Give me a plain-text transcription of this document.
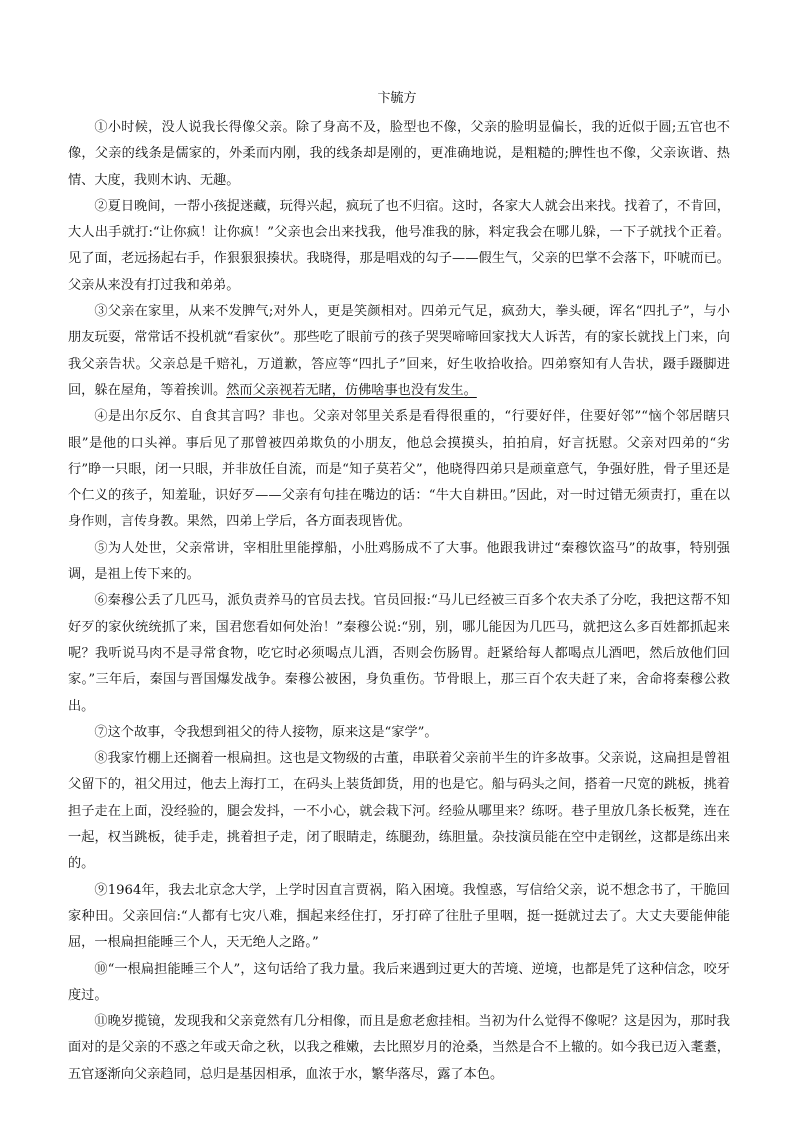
卞毓方

①小时候，没人说我长得像父亲。除了身高不及，脸型也不像，父亲的脸明显偏长，我的近似于圆;五官也不像，父亲的线条是儒家的，外柔而内刚，我的线条却是刚的，更准确地说，是粗糙的;脾性也不像，父亲诙谐、热情、大度，我则木讷、无趣。

②夏日晚间，一帮小孩捉迷藏，玩得兴起，疯玩了也不归宿。这时，各家大人就会出来找。找着了，不肯回，大人出手就打:“让你疯！让你疯！”父亲也会出来找我，他号准我的脉，料定我会在哪儿躲，一下子就找个正着。见了面，老远扬起右手，作狠狠狠揍状。我晓得，那是唱戏的勾子——假生气，父亲的巴掌不会落下，吓唬而已。父亲从来没有打过我和弟弟。

③父亲在家里，从来不发脾气;对外人，更是笑颜相对。四弟元气足，疯劲大，拳头硬，诨名“四扎子”，与小朋友玩耍，常常话不投机就“看家伙”。那些吃了眼前亏的孩子哭哭啼啼回家找大人诉苦，有的家长就找上门来，向我父亲告状。父亲总是千赔礼，万道歉，答应等“四扎子”回来，好生收拾收拾。四弟察知有人告状，蹑手蹑脚进回，躲在屋角，等着挨训。然而父亲视若无睹，仿佛啥事也没有发生。

④是出尔反尔、自食其言吗？非也。父亲对邻里关系是看得很重的，“行要好伴，住要好邻”“恼个邻居瞎只眼”是他的口头禅。事后见了那曾被四弟欺负的小朋友，他总会摸摸头，拍拍肩，好言抚慰。父亲对四弟的“劣行”睁一只眼，闭一只眼，并非放任自流，而是“知子莫若父”，他晓得四弟只是顽童意气，争强好胜，骨子里还是个仁义的孩子，知羞耻，识好歹——父亲有句挂在嘴边的话：“牛大自耕田。”因此，对一时过错无须责打，重在以身作则，言传身教。果然，四弟上学后，各方面表现皆优。

⑤为人处世，父亲常讲，宰相肚里能撑船，小肚鸡肠成不了大事。他跟我讲过“秦穆饮盗马”的故事，特别强调，是祖上传下来的。

⑥秦穆公丢了几匹马，派负责养马的官员去找。官员回报:“马儿已经被三百多个农夫杀了分吃，我把这帮不知好歹的家伙统统抓了来，国君您看如何处治！”秦穆公说:“别，别，哪儿能因为几匹马，就把这么多百姓都抓起来呢？我听说马肉不是寻常食物，吃它时必须喝点儿酒，否则会伤肠胃。赶紧给每人都喝点儿酒吧，然后放他们回家。”三年后，秦国与晋国爆发战争。秦穆公被困，身负重伤。节骨眼上，那三百个农夫赶了来，舍命将秦穆公救出。

⑦这个故事，令我想到祖父的待人接物，原来这是“家学”。

⑧我家竹棚上还搁着一根扁担。这也是文物级的古董，串联着父亲前半生的许多故事。父亲说，这扁担是曾祖父留下的，祖父用过，他去上海打工，在码头上装货卸货，用的也是它。船与码头之间，搭着一尺宽的跳板，挑着担子走在上面，没经验的，腿会发抖，一不小心，就会栽下河。经验从哪里来？练呀。巷子里放几条长板凳，连在一起，权当跳板，徒手走，挑着担子走，闭了眼睛走，练腿劲，练胆量。杂技演员能在空中走钢丝，这都是练出来的。

⑨1964年，我去北京念大学，上学时因直言贾祸，陷入困境。我惶惑，写信给父亲，说不想念书了，干脆回家种田。父亲回信:“人都有七灾八难，掴起来经住打，牙打碎了往肚子里咽，挺一挺就过去了。大丈夫要能伸能屈，一根扁担能睡三个人，天无绝人之路。”

⑩“一根扁担能睡三个人”，这句话给了我力量。我后来遇到过更大的苦境、逆境，也都是凭了这种信念，咬牙度过。

⑪晚岁揽镜，发现我和父亲竟然有几分相像，而且是愈老愈挂相。当初为什么觉得不像呢？这是因为，那时我面对的是父亲的不惑之年或天命之秋，以我之稚嫩，去比照岁月的沧桑，当然是合不上辙的。如今我已迈入耄耋，五官逐渐向父亲趋同，总归是基因相承，血浓于水，繁华落尽，露了本色。
